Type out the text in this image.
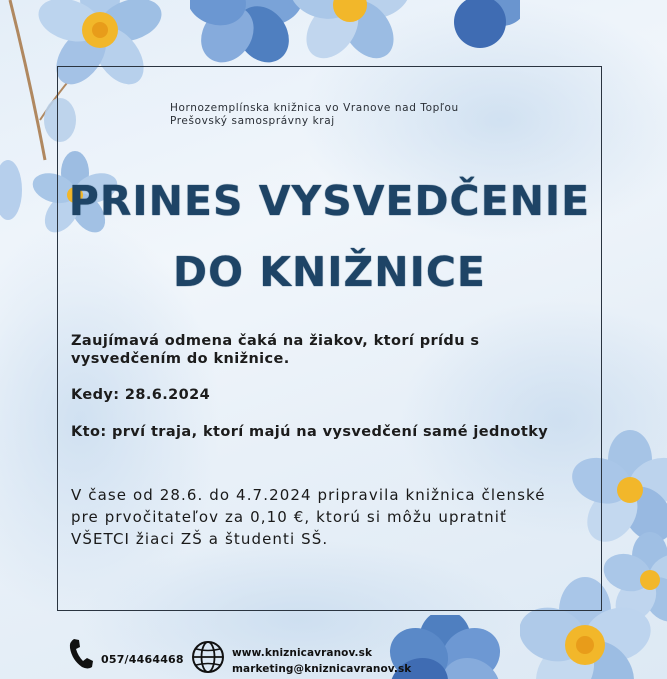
Hornozemplínska knižnica vo Vranove nad Topľou
Prešovský samosprávny kraj
PRINES VYSVEDČENIE
DO KNIŽNICE
Zaujímavá odmena čaká na žiakov, ktorí prídu s vysvedčením do knižnice.
Kedy: 28.6.2024
Kto: prví traja, ktorí majú na vysvedčení samé jednotky
V čase od 28.6. do 4.7.2024 pripravila knižnica členské pre prvočitateľov za 0,10 €, ktorú si môžu upratniť VŠETCI žiaci ZŠ a študenti SŠ.
057/4464468	www.kniznicavranov.sk
marketing@kniznicavranov.sk
